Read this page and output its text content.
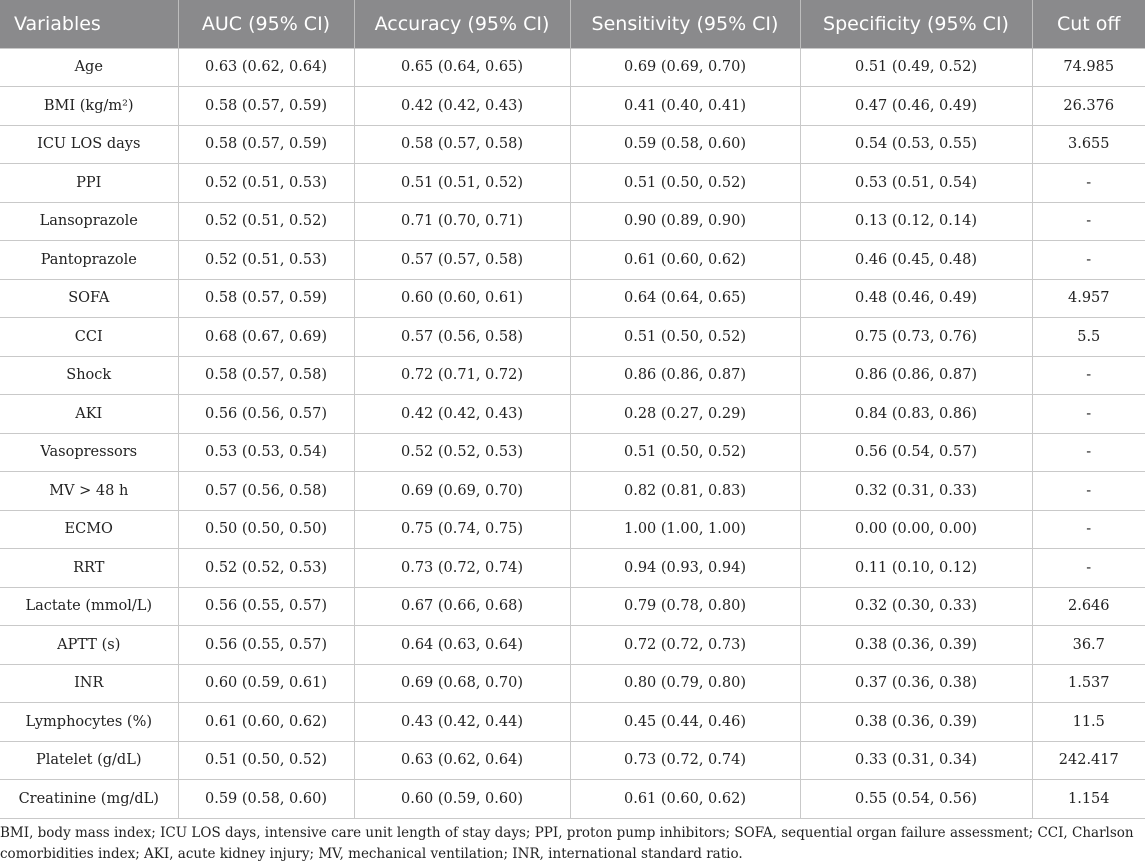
Variables	AUC (95% CI)	Accuracy (95% CI)	Sensitivity (95% CI)	Specificity (95% CI)	Cut off
Age	0.63 (0.62, 0.64)	0.65 (0.64, 0.65)	0.69 (0.69, 0.70)	0.51 (0.49, 0.52)	74.985
BMI (kg/m²)	0.58 (0.57, 0.59)	0.42 (0.42, 0.43)	0.41 (0.40, 0.41)	0.47 (0.46, 0.49)	26.376
ICU LOS days	0.58 (0.57, 0.59)	0.58 (0.57, 0.58)	0.59 (0.58, 0.60)	0.54 (0.53, 0.55)	3.655
PPI	0.52 (0.51, 0.53)	0.51 (0.51, 0.52)	0.51 (0.50, 0.52)	0.53 (0.51, 0.54)	-
Lansoprazole	0.52 (0.51, 0.52)	0.71 (0.70, 0.71)	0.90 (0.89, 0.90)	0.13 (0.12, 0.14)	-
Pantoprazole	0.52 (0.51, 0.53)	0.57 (0.57, 0.58)	0.61 (0.60, 0.62)	0.46 (0.45, 0.48)	-
SOFA	0.58 (0.57, 0.59)	0.60 (0.60, 0.61)	0.64 (0.64, 0.65)	0.48 (0.46, 0.49)	4.957
CCI	0.68 (0.67, 0.69)	0.57 (0.56, 0.58)	0.51 (0.50, 0.52)	0.75 (0.73, 0.76)	5.5
Shock	0.58 (0.57, 0.58)	0.72 (0.71, 0.72)	0.86 (0.86, 0.87)	0.86 (0.86, 0.87)	-
AKI	0.56 (0.56, 0.57)	0.42 (0.42, 0.43)	0.28 (0.27, 0.29)	0.84 (0.83, 0.86)	-
Vasopressors	0.53 (0.53, 0.54)	0.52 (0.52, 0.53)	0.51 (0.50, 0.52)	0.56 (0.54, 0.57)	-
MV > 48 h	0.57 (0.56, 0.58)	0.69 (0.69, 0.70)	0.82 (0.81, 0.83)	0.32 (0.31, 0.33)	-
ECMO	0.50 (0.50, 0.50)	0.75 (0.74, 0.75)	1.00 (1.00, 1.00)	0.00 (0.00, 0.00)	-
RRT	0.52 (0.52, 0.53)	0.73 (0.72, 0.74)	0.94 (0.93, 0.94)	0.11 (0.10, 0.12)	-
Lactate (mmol/L)	0.56 (0.55, 0.57)	0.67 (0.66, 0.68)	0.79 (0.78, 0.80)	0.32 (0.30, 0.33)	2.646
APTT (s)	0.56 (0.55, 0.57)	0.64 (0.63, 0.64)	0.72 (0.72, 0.73)	0.38 (0.36, 0.39)	36.7
INR	0.60 (0.59, 0.61)	0.69 (0.68, 0.70)	0.80 (0.79, 0.80)	0.37 (0.36, 0.38)	1.537
Lymphocytes (%)	0.61 (0.60, 0.62)	0.43 (0.42, 0.44)	0.45 (0.44, 0.46)	0.38 (0.36, 0.39)	11.5
Platelet (g/dL)	0.51 (0.50, 0.52)	0.63 (0.62, 0.64)	0.73 (0.72, 0.74)	0.33 (0.31, 0.34)	242.417
Creatinine (mg/dL)	0.59 (0.58, 0.60)	0.60 (0.59, 0.60)	0.61 (0.60, 0.62)	0.55 (0.54, 0.56)	1.154

BMI, body mass index; ICU LOS days, intensive care unit length of stay days; PPI, proton pump inhibitors; SOFA, sequential organ failure assessment; CCI, Charlson comorbidities index; AKI, acute kidney injury; MV, mechanical ventilation; INR, international standard ratio.
